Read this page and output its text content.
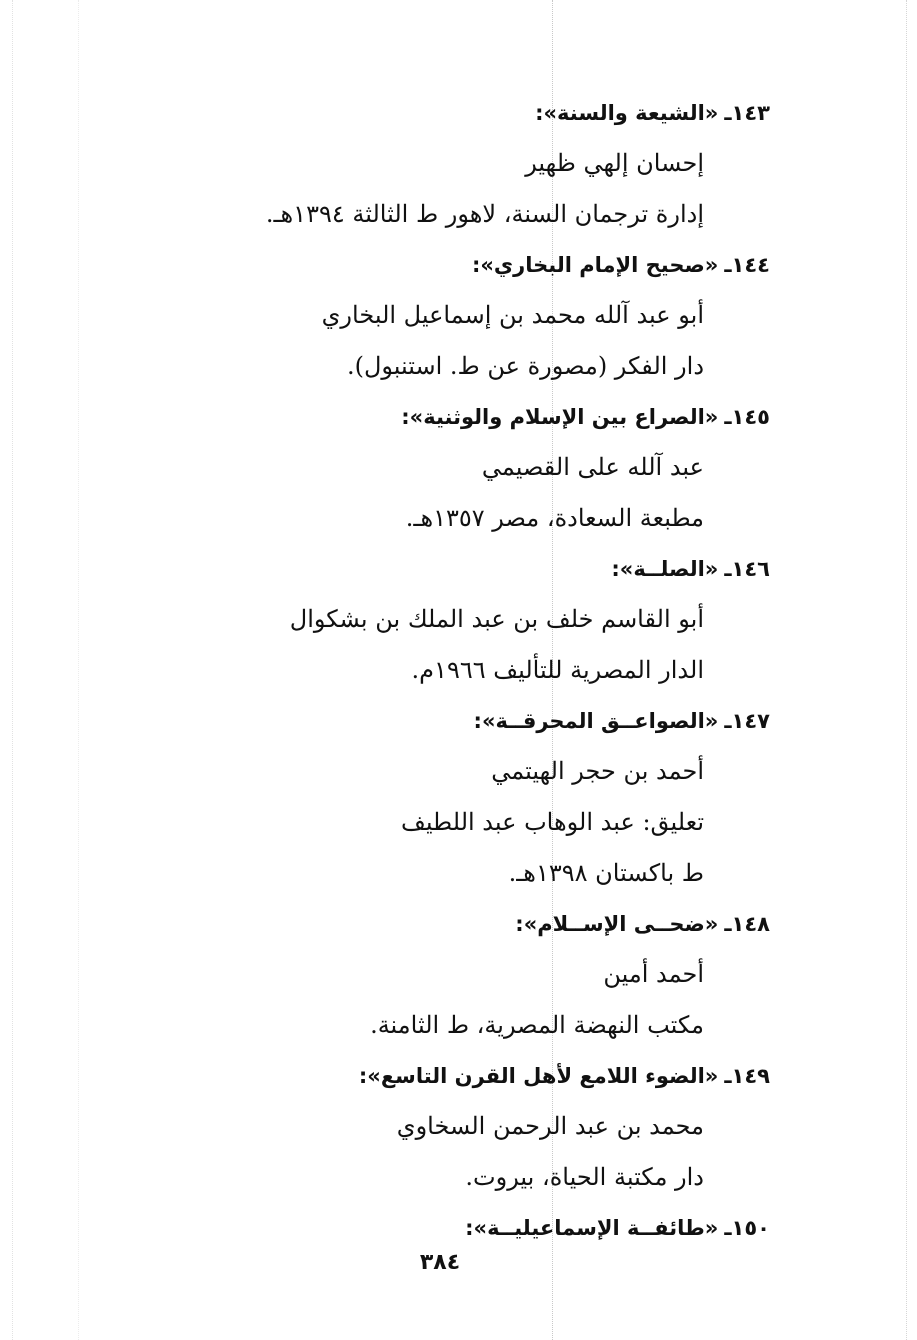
١٤٣ـ«الشيعة والسنة»:
إحسان إلهي ظهير
إدارة ترجمان السنة، لاهور ط الثالثة ١٣٩٤هـ.
١٤٤ـ«صحيح الإمام البخاري»:
أبو عبد آلله محمد بن إسماعيل البخاري
دار الفكر (مصورة عن ط. استنبول).
١٤٥ـ«الصراع بين الإسلام والوثنية»:
عبد آلله على القصيمي
مطبعة السعادة، مصر ١٣٥٧هـ.
١٤٦ـ«الصلــة»:
أبو القاسم خلف بن عبد الملك بن بشكوال
الدار المصرية للتأليف ١٩٦٦م.
١٤٧ـ«الصواعــق المحرقــة»:
أحمد بن حجر الهيتمي
تعليق: عبد الوهاب عبد اللطيف
ط باكستان ١٣٩٨هـ.
١٤٨ـ«ضحــى الإســلام»:
أحمد أمين
مكتب النهضة المصرية، ط الثامنة.
١٤٩ـ«الضوء اللامع لأهل القرن التاسع»:
محمد بن عبد الرحمن السخاوي
دار مكتبة الحياة، بيروت.
١٥٠ـ«طائفــة الإسماعيليــة»:
٣٨٤
